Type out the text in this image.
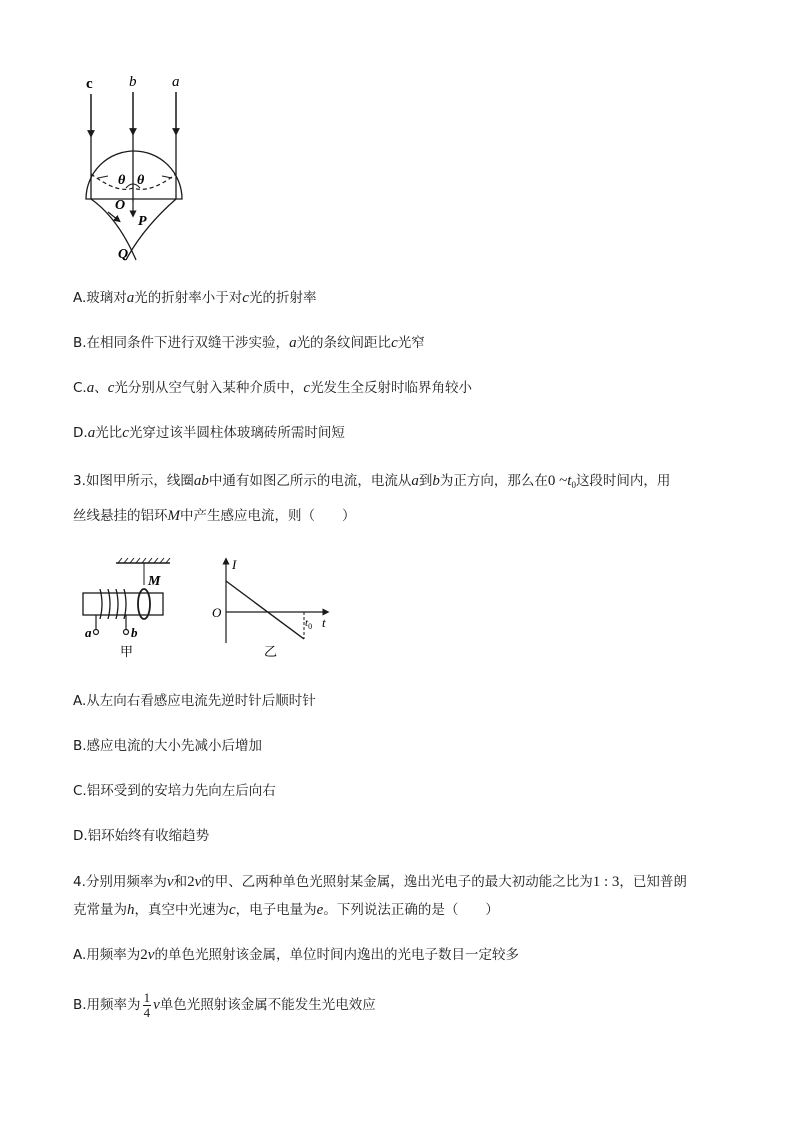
c b a
θ θ
O
P
Q
A.玻璃对a光的折射率小于对c光的折射率
B.在相同条件下进行双缝干涉实验，a光的条纹间距比c光窄
C.a、c光分别从空气射入某种介质中，c光发生全反射时临界角较小
D.a光比c光穿过该半圆柱体玻璃砖所需时间短
3.如图甲所示，线圈ab中通有如图乙所示的电流，电流从a到b为正方向，那么在0 $\sim t_0$这段时间内，用
丝线悬挂的铝环M中产生感应电流，则（　　）
M
a	b
甲
I
t
O
$t_0$
乙
A.从左向右看感应电流先逆时针后顺时针
B.感应电流的大小先减小后增加
C.铝环受到的安培力先向左后向右
D.铝环始终有收缩趋势
4.分别用频率为ν和2ν的甲、乙两种单色光照射某金属，逸出光电子的最大初动能之比为1 : 3，已知普朗
克常量为h，真空中光速为c，电子电量为e。下列说法正确的是（　　）
A.用频率为2ν的单色光照射该金属，单位时间内逸出的光电子数目一定较多
B.用频率为 $\frac{1}{4}$ ν单色光照射该金属不能发生光电效应
